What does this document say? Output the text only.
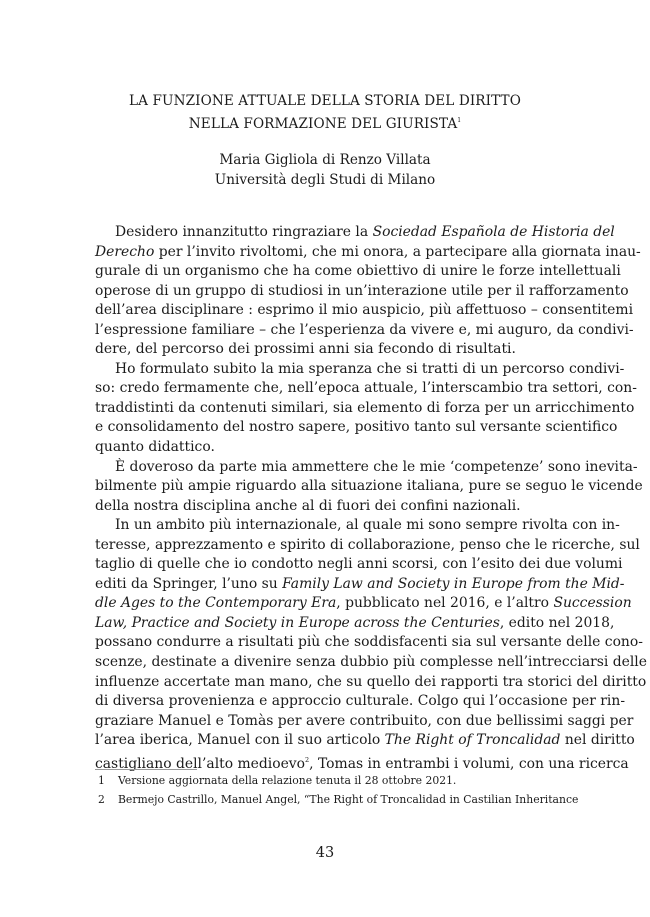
LA FUNZIONE ATTUALE DELLA STORIA DEL DIRITTO
NELLA FORMAZIONE DEL GIURISTA$^1$
Maria Gigliola di Renzo Villata
Università degli Studi di Milano

Desidero innanzitutto ringraziare la Sociedad Española de Historia del
Derecho per l’invito rivoltomi, che mi onora, a partecipare alla giornata inau-
gurale di un organismo che ha come obiettivo di unire le forze intellettuali
operose di un gruppo di studiosi in un’interazione utile per il rafforzamento
dell’area disciplinare : esprimo il mio auspicio, più affettuoso – consentitemi
l’espressione familiare – che l’esperienza da vivere e, mi auguro, da condivi-
dere, del percorso dei prossimi anni sia fecondo di risultati.

Ho formulato subito la mia speranza che si tratti di un percorso condivi-
so: credo fermamente che, nell’epoca attuale, l’interscambio tra settori, con-
traddistinti da contenuti similari, sia elemento di forza per un arricchimento
e consolidamento del nostro sapere, positivo tanto sul versante scientifico
quanto didattico.

È doveroso da parte mia ammettere che le mie ‘competenze’ sono inevita-
bilmente più ampie riguardo alla situazione italiana, pure se seguo le vicende
della nostra disciplina anche al di fuori dei confini nazionali.

In un ambito più internazionale, al quale mi sono sempre rivolta con in-
teresse, apprezzamento e spirito di collaborazione, penso che le ricerche, sul
taglio di quelle che io condotto negli anni scorsi, con l’esito dei due volumi
editi da Springer, l’uno su Family Law and Society in Europe from the Mid-
dle Ages to the Contemporary Era, pubblicato nel 2016, e l’altro Succession
Law, Practice and Society in Europe across the Centuries, edito nel 2018,
possano condurre a risultati più che soddisfacenti sia sul versante delle cono-
scenze, destinate a divenire senza dubbio più complesse nell’intrecciarsi delle
influenze accertate man mano, che su quello dei rapporti tra storici del diritto
di diversa provenienza e approccio culturale. Colgo qui l’occasione per rin-
graziare Manuel e Tomàs per avere contribuito, con due bellissimi saggi per
l’area iberica, Manuel con il suo articolo The Right of Troncalidad nel diritto
castigliano dell’alto medioevo$^2$, Tomas in entrambi i volumi, con una ricerca

1 Versione aggiornata della relazione tenuta il 28 ottobre 2021.
2 Bermejo Castrillo, Manuel Angel, “The Right of Troncalidad in Castilian Inheritance
43
